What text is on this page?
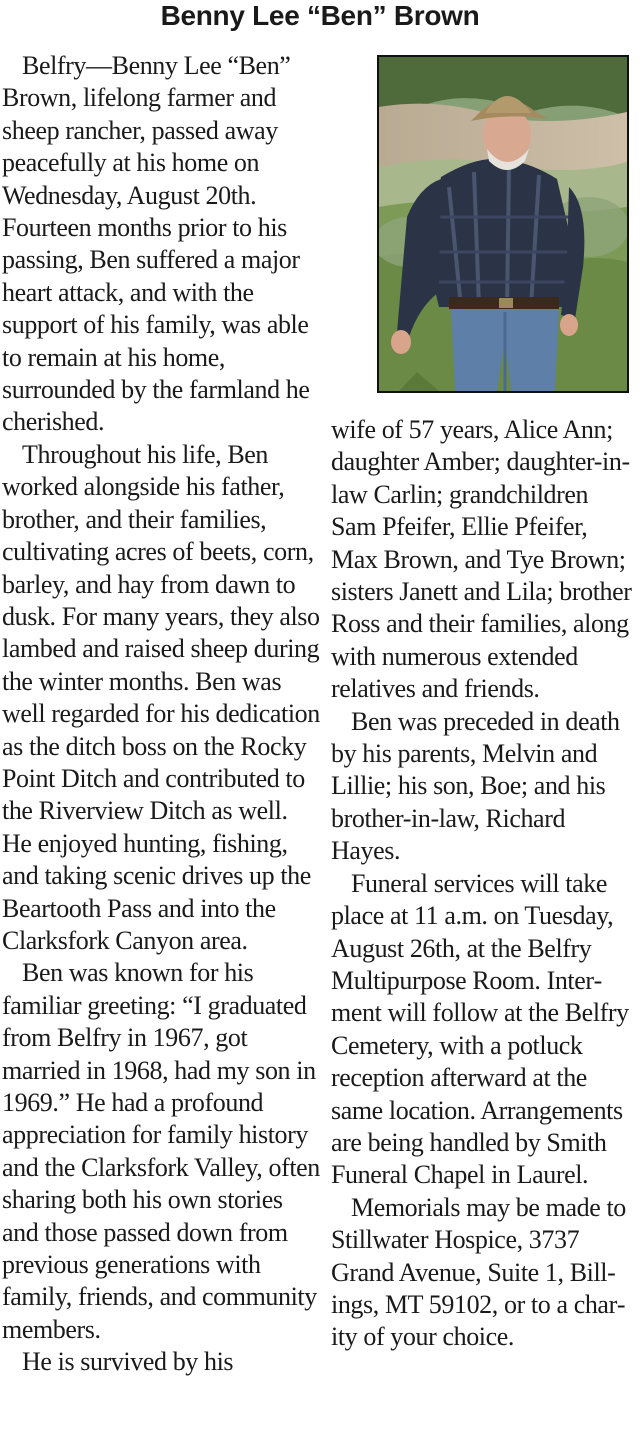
Benny Lee “Ben” Brown

Belfry—Benny Lee “Ben” Brown, lifelong farmer and sheep rancher, passed away peacefully at his home on Wednesday, August 20th. Fourteen months prior to his passing, Ben suffered a major heart attack, and with the support of his family, was able to remain at his home, surrounded by the farmland he cherished.

Throughout his life, Ben worked alongside his father, brother, and their families, cultivating acres of beets, corn, barley, and hay from dawn to dusk. For many years, they also lambed and raised sheep during the winter months. Ben was well regarded for his dedication as the ditch boss on the Rocky Point Ditch and contributed to the Riverview Ditch as well. He enjoyed hunting, fishing, and taking scenic drives up the Beartooth Pass and into the Clarksfork Canyon area.

Ben was known for his familiar greeting: “I graduated from Belfry in 1967, got married in 1968, had my son in 1969.” He had a profound appreciation for family history and the Clarksfork Valley, often sharing both his own stories and those passed down from previous generations with family, friends, and community members.

He is survived by his

wife of 57 years, Alice Ann; daughter Amber; daughter-in-law Carlin; grandchildren Sam Pfeifer, Ellie Pfeifer, Max Brown, and Tye Brown; sisters Janett and Lila; brother Ross and their families, along with numerous extended relatives and friends.

Ben was preceded in death by his parents, Melvin and Lillie; his son, Boe; and his brother-in-law, Richard Hayes.

Funeral services will take place at 11 a.m. on Tuesday, August 26th, at the Belfry Multipurpose Room. Interment will follow at the Belfry Cemetery, with a potluck reception afterward at the same location. Arrangements are being handled by Smith Funeral Chapel in Laurel.

Memorials may be made to Stillwater Hospice, 3737 Grand Avenue, Suite 1, Billings, MT 59102, or to a charity of your choice.
